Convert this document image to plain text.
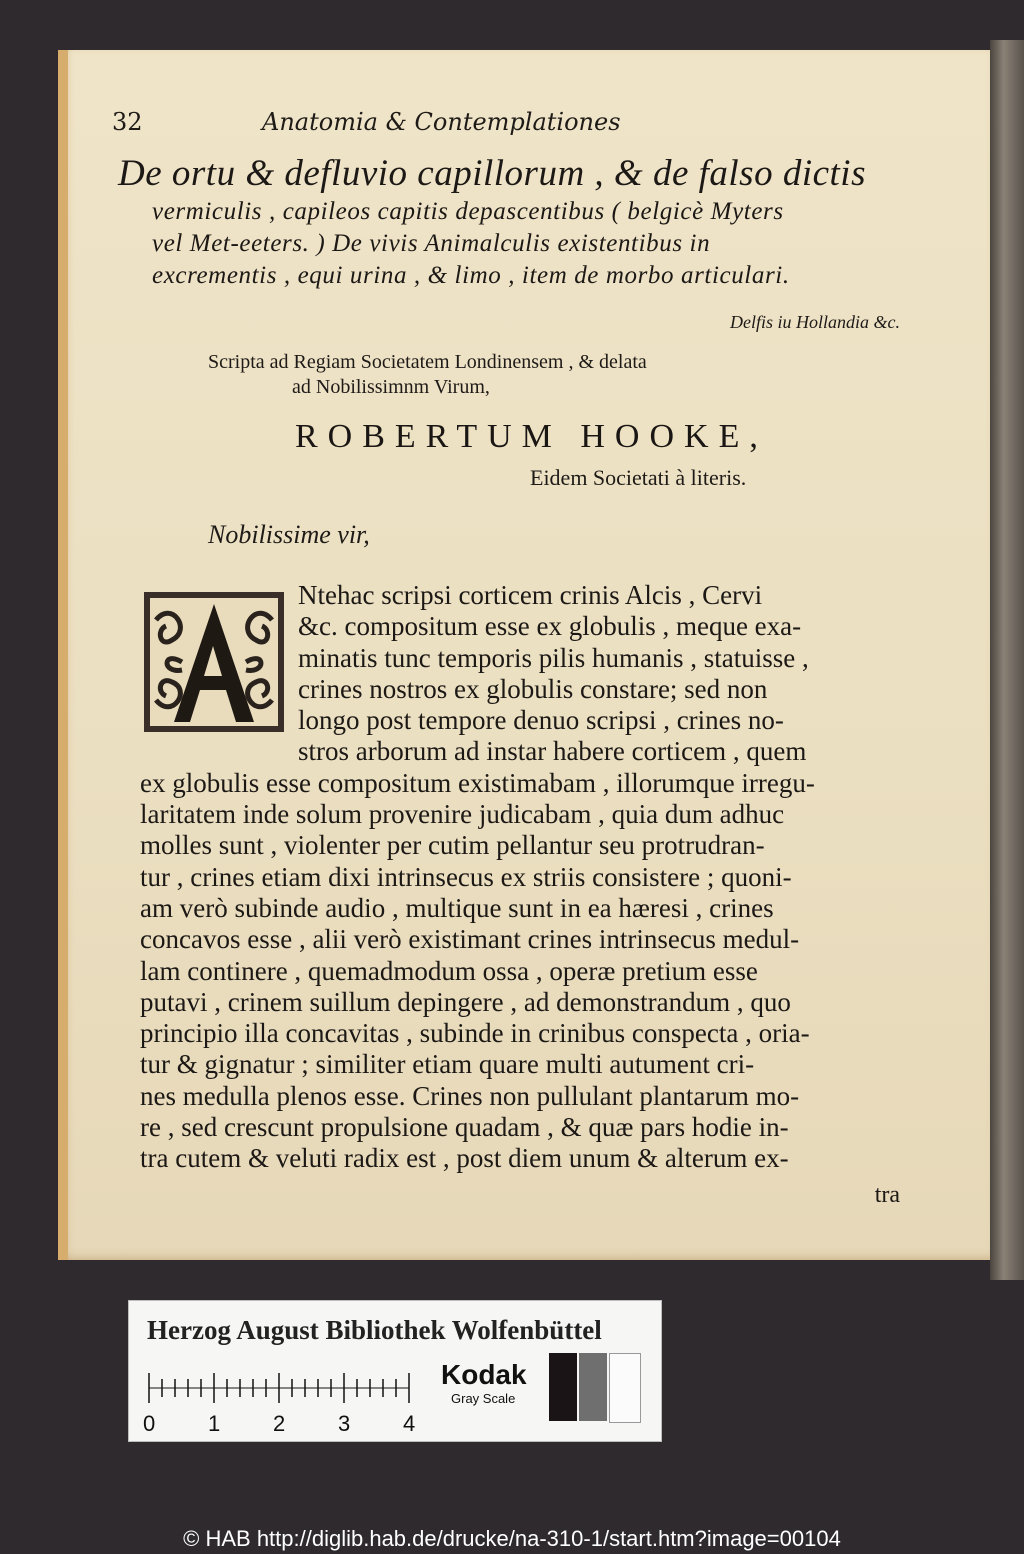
32	Anatomia & Contemplationes
De ortu & defluvio capillorum , & de falso dictis
vermiculis , capileos capitis depascentibus ( belgicè Myters
vel Met-eeters. ) De vivis Animalculis existentibus in
excrementis , equi urina , & limo , item de morbo articulari.
Delfis iu Hollandia &c.
Scripta ad Regiam Societatem Londinensem , & delata
ad Nobilissimnm Virum,
ROBERTUM HOOKE,
Eidem Societati à literis.
Nobilissime vir,
Ntehac scripsi corticem crinis Alcis , Cervi
&c. compositum esse ex globulis , meque exa-
minatis tunc temporis pilis humanis , statuisse ,
crines nostros ex globulis constare; sed non
longo post tempore denuo scripsi , crines no-
stros arborum ad instar habere corticem , quem
ex globulis esse compositum existimabam , illorumque irregu-
laritatem inde solum provenire judicabam , quia dum adhuc
molles sunt , violenter per cutim pellantur seu protrudran-
tur , crines etiam dixi intrinsecus ex striis consistere ; quoni-
am verò subinde audio , multique sunt in ea hæresi , crines
concavos esse , alii verò existimant crines intrinsecus medul-
lam continere , quemadmodum ossa , operæ pretium esse
putavi , crinem suillum depingere , ad demonstrandum , quo
principio illa concavitas , subinde in crinibus conspecta , oria-
tur & gignatur ; similiter etiam quare multi autument cri-
nes medulla plenos esse. Crines non pullulant plantarum mo-
re , sed crescunt propulsione quadam , & quæ pars hodie in-
tra cutem & veluti radix est , post diem unum & alterum ex-
tra
Herzog August Bibliothek Wolfenbüttel
0 1 2 3 4
Kodak
Gray Scale
© HAB http://diglib.hab.de/drucke/na-310-1/start.htm?image=00104
